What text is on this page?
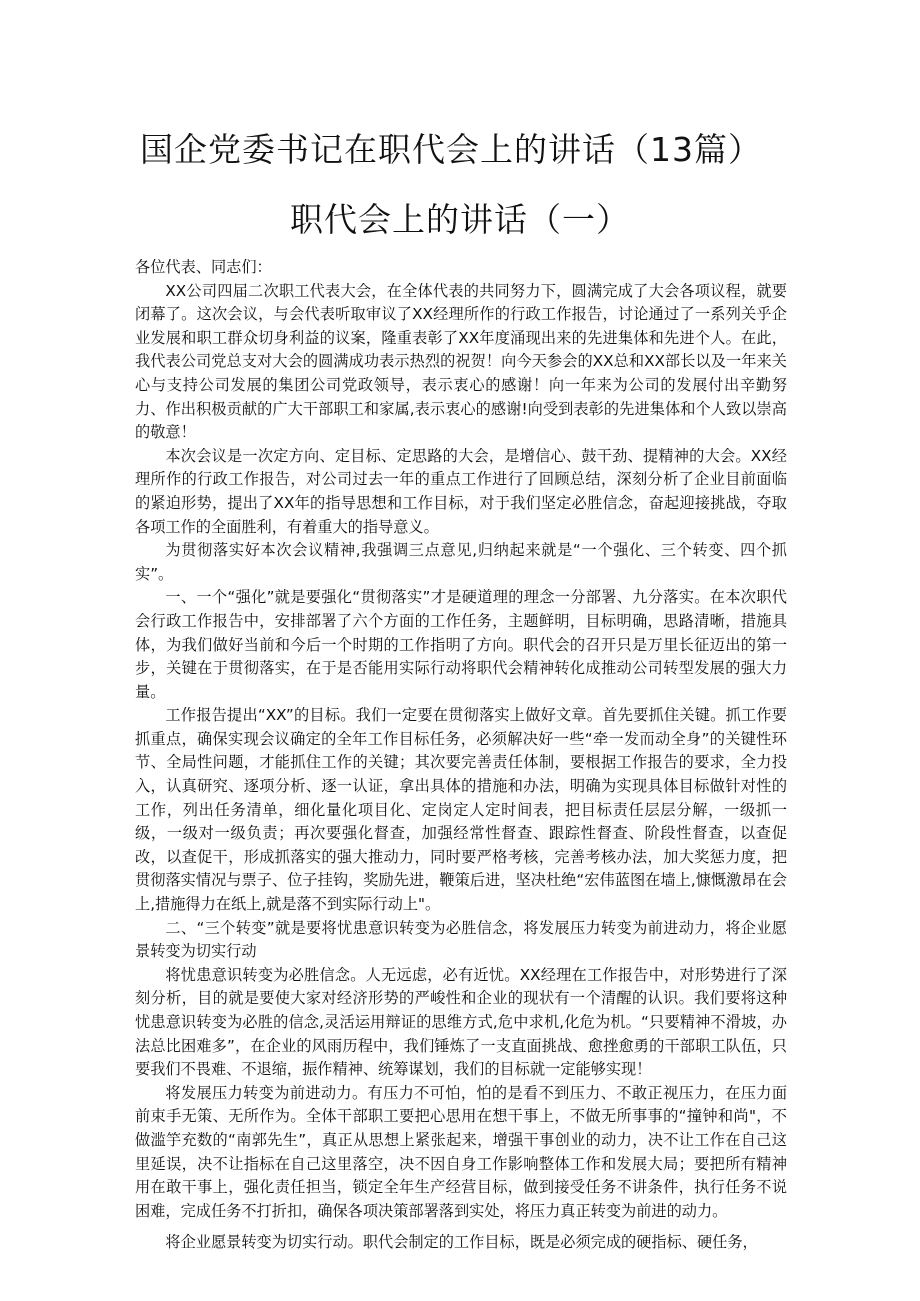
国企党委书记在职代会上的讲话（13篇）
职代会上的讲话（一）

各位代表、同志们：

XX公司四届二次职工代表大会，在全体代表的共同努力下，圆满完成了大会各项议程，就要闭幕了。这次会议，与会代表听取审议了XX经理所作的行政工作报告，讨论通过了一系列关乎企业发展和职工群众切身利益的议案，隆重表彰了XX年度涌现出来的先进集体和先进个人。在此，我代表公司党总支对大会的圆满成功表示热烈的祝贺！向今天参会的XX总和XX部长以及一年来关心与支持公司发展的集团公司党政领导，表示衷心的感谢！向一年来为公司的发展付出辛勤努力、作出积极贡献的广大干部职工和家属,表示衷心的感谢!向受到表彰的先进集体和个人致以崇高的敬意！

本次会议是一次定方向、定目标、定思路的大会，是增信心、鼓干劲、提精神的大会。XX经理所作的行政工作报告，对公司过去一年的重点工作进行了回顾总结，深刻分析了企业目前面临的紧迫形势，提出了XX年的指导思想和工作目标，对于我们坚定必胜信念，奋起迎接挑战，夺取各项工作的全面胜利，有着重大的指导意义。

为贯彻落实好本次会议精神,我强调三点意见,归纳起来就是“一个强化、三个转变、四个抓实”。

一、一个“强化”就是要强化“贯彻落实”才是硬道理的理念一分部署、九分落实。在本次职代会行政工作报告中，安排部署了六个方面的工作任务，主题鲜明，目标明确，思路清晰，措施具体，为我们做好当前和今后一个时期的工作指明了方向。职代会的召开只是万里长征迈出的第一步，关键在于贯彻落实，在于是否能用实际行动将职代会精神转化成推动公司转型发展的强大力量。

工作报告提出“XX”的目标。我们一定要在贯彻落实上做好文章。首先要抓住关键。抓工作要抓重点，确保实现会议确定的全年工作目标任务，必须解决好一些“牵一发而动全身”的关键性环节、全局性问题，才能抓住工作的关键；其次要完善责任体制，要根据工作报告的要求，全力投入，认真研究、逐项分析、逐一认证，拿出具体的措施和办法，明确为实现具体目标做针对性的工作，列出任务清单，细化量化项目化、定岗定人定时间表，把目标责任层层分解，一级抓一级，一级对一级负责；再次要强化督查，加强经常性督查、跟踪性督查、阶段性督查，以查促改，以查促干，形成抓落实的强大推动力，同时要严格考核，完善考核办法，加大奖惩力度，把贯彻落实情况与票子、位子挂钩，奖励先进，鞭策后进，坚决杜绝“宏伟蓝图在墙上,慷慨激昂在会上,措施得力在纸上,就是落不到实际行动上"。

二、“三个转变”就是要将忧患意识转变为必胜信念，将发展压力转变为前进动力，将企业愿景转变为切实行动

将忧患意识转变为必胜信念。人无远虑，必有近忧。XX经理在工作报告中，对形势进行了深刻分析，目的就是要使大家对经济形势的严峻性和企业的现状有一个清醒的认识。我们要将这种忧患意识转变为必胜的信念,灵活运用辩证的思维方式,危中求机,化危为机。“只要精神不滑坡，办法总比困难多”，在企业的风雨历程中，我们锤炼了一支直面挑战、愈挫愈勇的干部职工队伍，只要我们不畏难、不退缩，振作精神、统筹谋划，我们的目标就一定能够实现！

将发展压力转变为前进动力。有压力不可怕，怕的是看不到压力、不敢正视压力，在压力面前束手无策、无所作为。全体干部职工要把心思用在想干事上，不做无所事事的“撞钟和尚"，不做滥竽充数的“南郭先生”，真正从思想上紧张起来，增强干事创业的动力，决不让工作在自己这里延误，决不让指标在自己这里落空，决不因自身工作影响整体工作和发展大局；要把所有精神用在敢干事上，强化责任担当，锁定全年生产经营目标，做到接受任务不讲条件，执行任务不说困难，完成任务不打折扣，确保各项决策部署落到实处，将压力真正转变为前进的动力。

将企业愿景转变为切实行动。职代会制定的工作目标，既是必须完成的硬指标、硬任务，
